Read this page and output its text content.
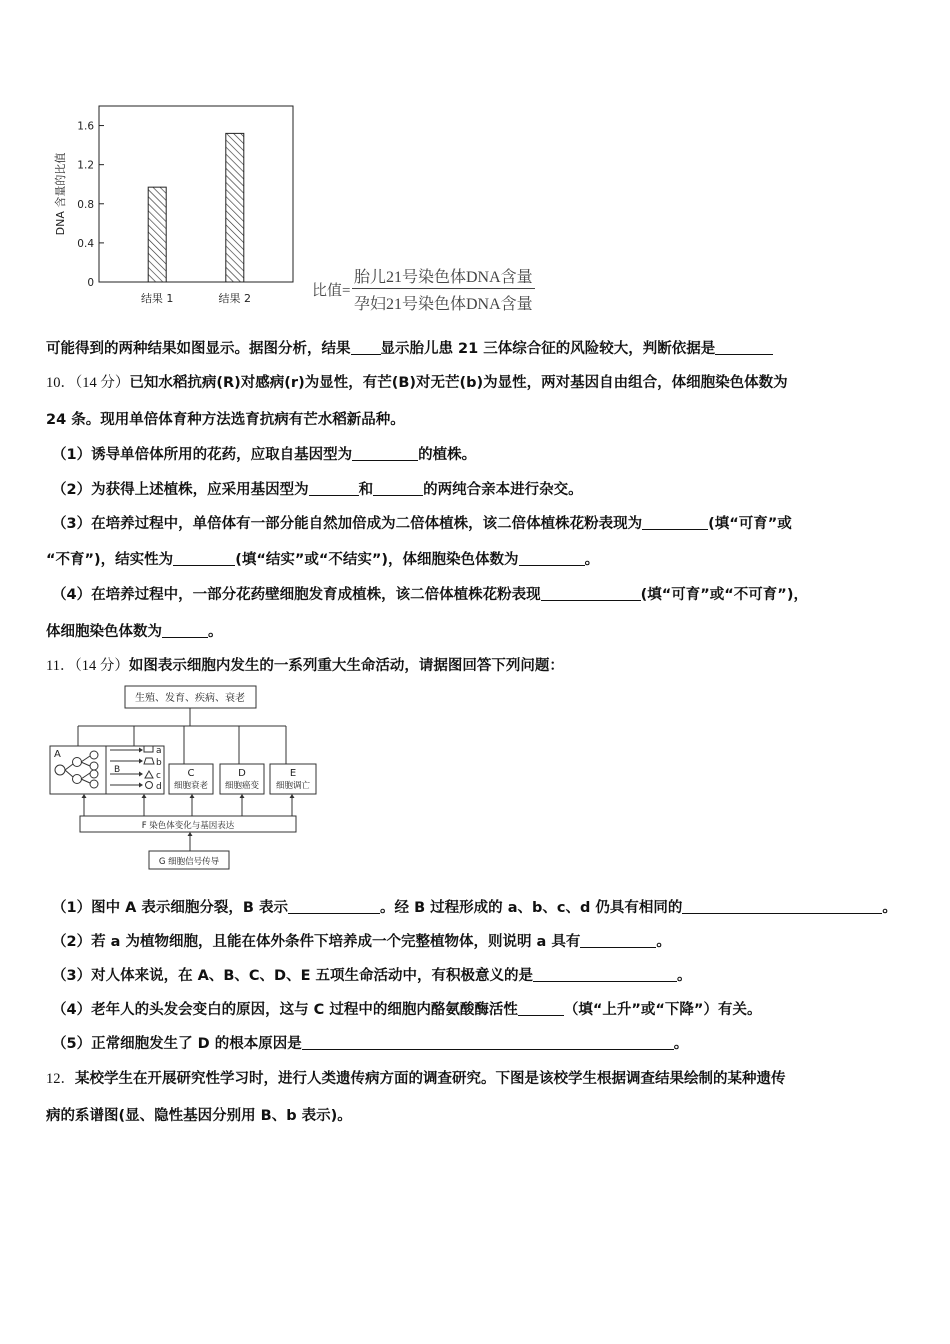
0
0.4
0.8
1.2
1.6
结果 1	结果 2
DNA 含量的比值
比值=
胎儿21号染色体DNA含量
孕妇21号染色体DNA含量
可能得到的两种结果如图显示。据图分析，结果 显示胎儿患 21 三体综合征的风险较大，判断依据是
10．（14 分）已知水稻抗病(R)对感病(r)为显性，有芒(B)对无芒(b)为显性，两对基因自由组合，体细胞染色体数为
24 条。现用单倍体育种方法选育抗病有芒水稻新品种。
（1）诱导单倍体所用的花药，应取自基因型为	的植株。
（2）为获得上述植株，应采用基因型为	和	的两纯合亲本进行杂交。
（3）在培养过程中，单倍体有一部分能自然加倍成为二倍体植株，该二倍体植株花粉表现为	(填“可育”或
“不育”)，结实性为	(填“结实”或“不结实”)，体细胞染色体数为	。
（4）在培养过程中，一部分花药壁细胞发育成植株，该二倍体植株花粉表现	(填“可育”或“不可育”)，
体细胞染色体数为	。
11．（14 分）如图表示细胞内发生的一系列重大生命活动，请据图回答下列问题：
生殖、发育、疾病、衰老
A
B
a
b
c
d
C
细胞衰老
D
细胞癌变
E
细胞调亡
F 染色体变化与基因表达
G 细胞信号传导
（1）图中 A 表示细胞分裂，B 表示	。经 B 过程形成的 a、b、c、d 仍具有相同的	。
（2）若 a 为植物细胞，且能在体外条件下培养成一个完整植物体，则说明 a 具有	。
（3）对人体来说，在 A、B、C、D、E 五项生命活动中，有积极意义的是	。
（4）老年人的头发会变白的原因，这与 C 过程中的细胞内酪氨酸酶活性	（填“上升”或“下降”）有关。
（5）正常细胞发生了 D 的根本原因是	。
12．某校学生在开展研究性学习时，进行人类遗传病方面的调查研究。下图是该校学生根据调查结果绘制的某种遗传
病的系谱图(显、隐性基因分别用 B、b 表示)。
